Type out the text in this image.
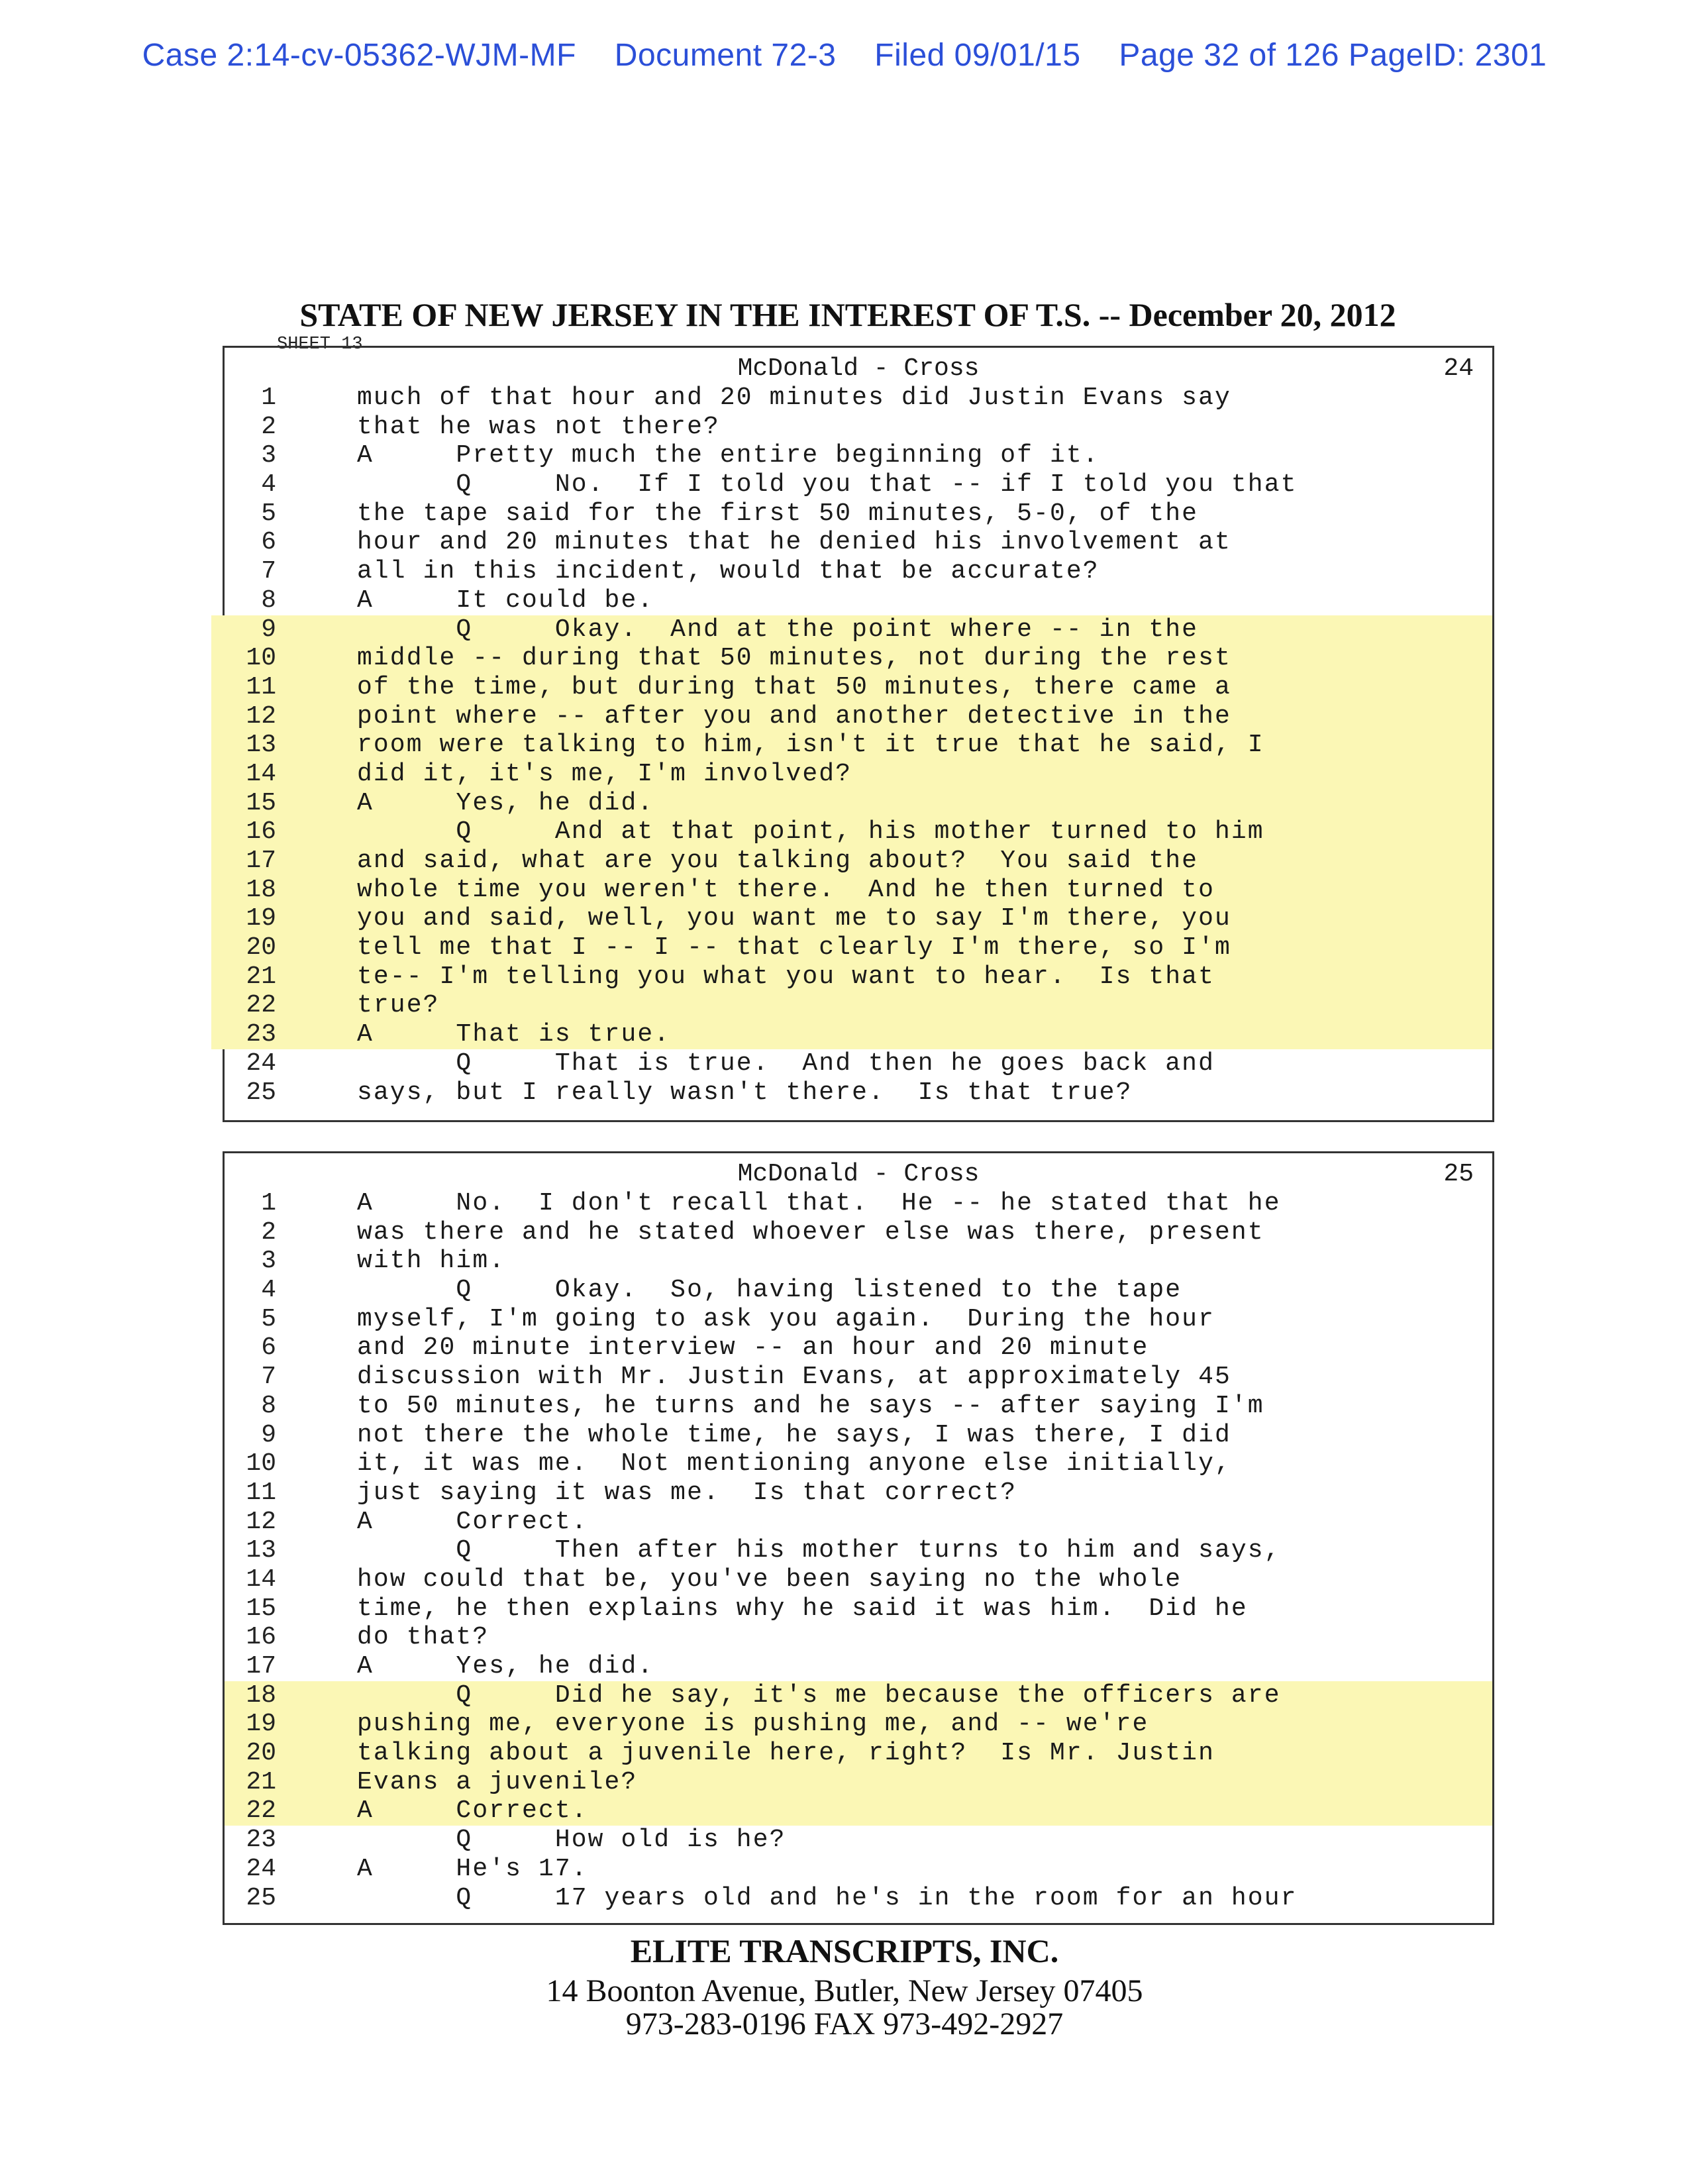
Case 2:14-cv-05362-WJM-MF Document 72-3 Filed 09/01/15 Page 32 of 126 PageID: 2301
STATE OF NEW JERSEY IN THE INTEREST OF T.S. -- December 20, 2012
SHEET 13
McDonald - Cross	24
1	much of that hour and 20 minutes did Justin Evans say
2	that he was not there?
3	A     Pretty much the entire beginning of it.
4	Q     No.  If I told you that -- if I told you that
5	the tape said for the first 50 minutes, 5-0, of the
6	hour and 20 minutes that he denied his involvement at
7	all in this incident, would that be accurate?
8	A     It could be.
9	Q     Okay.  And at the point where -- in the
10	middle -- during that 50 minutes, not during the rest
11	of the time, but during that 50 minutes, there came a
12	point where -- after you and another detective in the
13	room were talking to him, isn't it true that he said, I
14	did it, it's me, I'm involved?
15	A     Yes, he did.
16	Q     And at that point, his mother turned to him
17	and said, what are you talking about?  You said the
18	whole time you weren't there.  And he then turned to
19	you and said, well, you want me to say I'm there, you
20	tell me that I -- I -- that clearly I'm there, so I'm
21	te-- I'm telling you what you want to hear.  Is that
22	true?
23	A     That is true.
24	Q     That is true.  And then he goes back and
25	says, but I really wasn't there.  Is that true?
McDonald - Cross	25
1	A     No.  I don't recall that.  He -- he stated that he
2	was there and he stated whoever else was there, present
3	with him.
4	Q     Okay.  So, having listened to the tape
5	myself, I'm going to ask you again.  During the hour
6	and 20 minute interview -- an hour and 20 minute
7	discussion with Mr. Justin Evans, at approximately 45
8	to 50 minutes, he turns and he says -- after saying I'm
9	not there the whole time, he says, I was there, I did
10	it, it was me.  Not mentioning anyone else initially,
11	just saying it was me.  Is that correct?
12	A     Correct.
13	Q     Then after his mother turns to him and says,
14	how could that be, you've been saying no the whole
15	time, he then explains why he said it was him.  Did he
16	do that?
17	A     Yes, he did.
18	Q     Did he say, it's me because the officers are
19	pushing me, everyone is pushing me, and -- we're
20	talking about a juvenile here, right?  Is Mr. Justin
21	Evans a juvenile?
22	A     Correct.
23	Q     How old is he?
24	A     He's 17.
25	Q     17 years old and he's in the room for an hour
ELITE TRANSCRIPTS, INC.
14 Boonton Avenue, Butler, New Jersey 07405
973-283-0196 FAX 973-492-2927
